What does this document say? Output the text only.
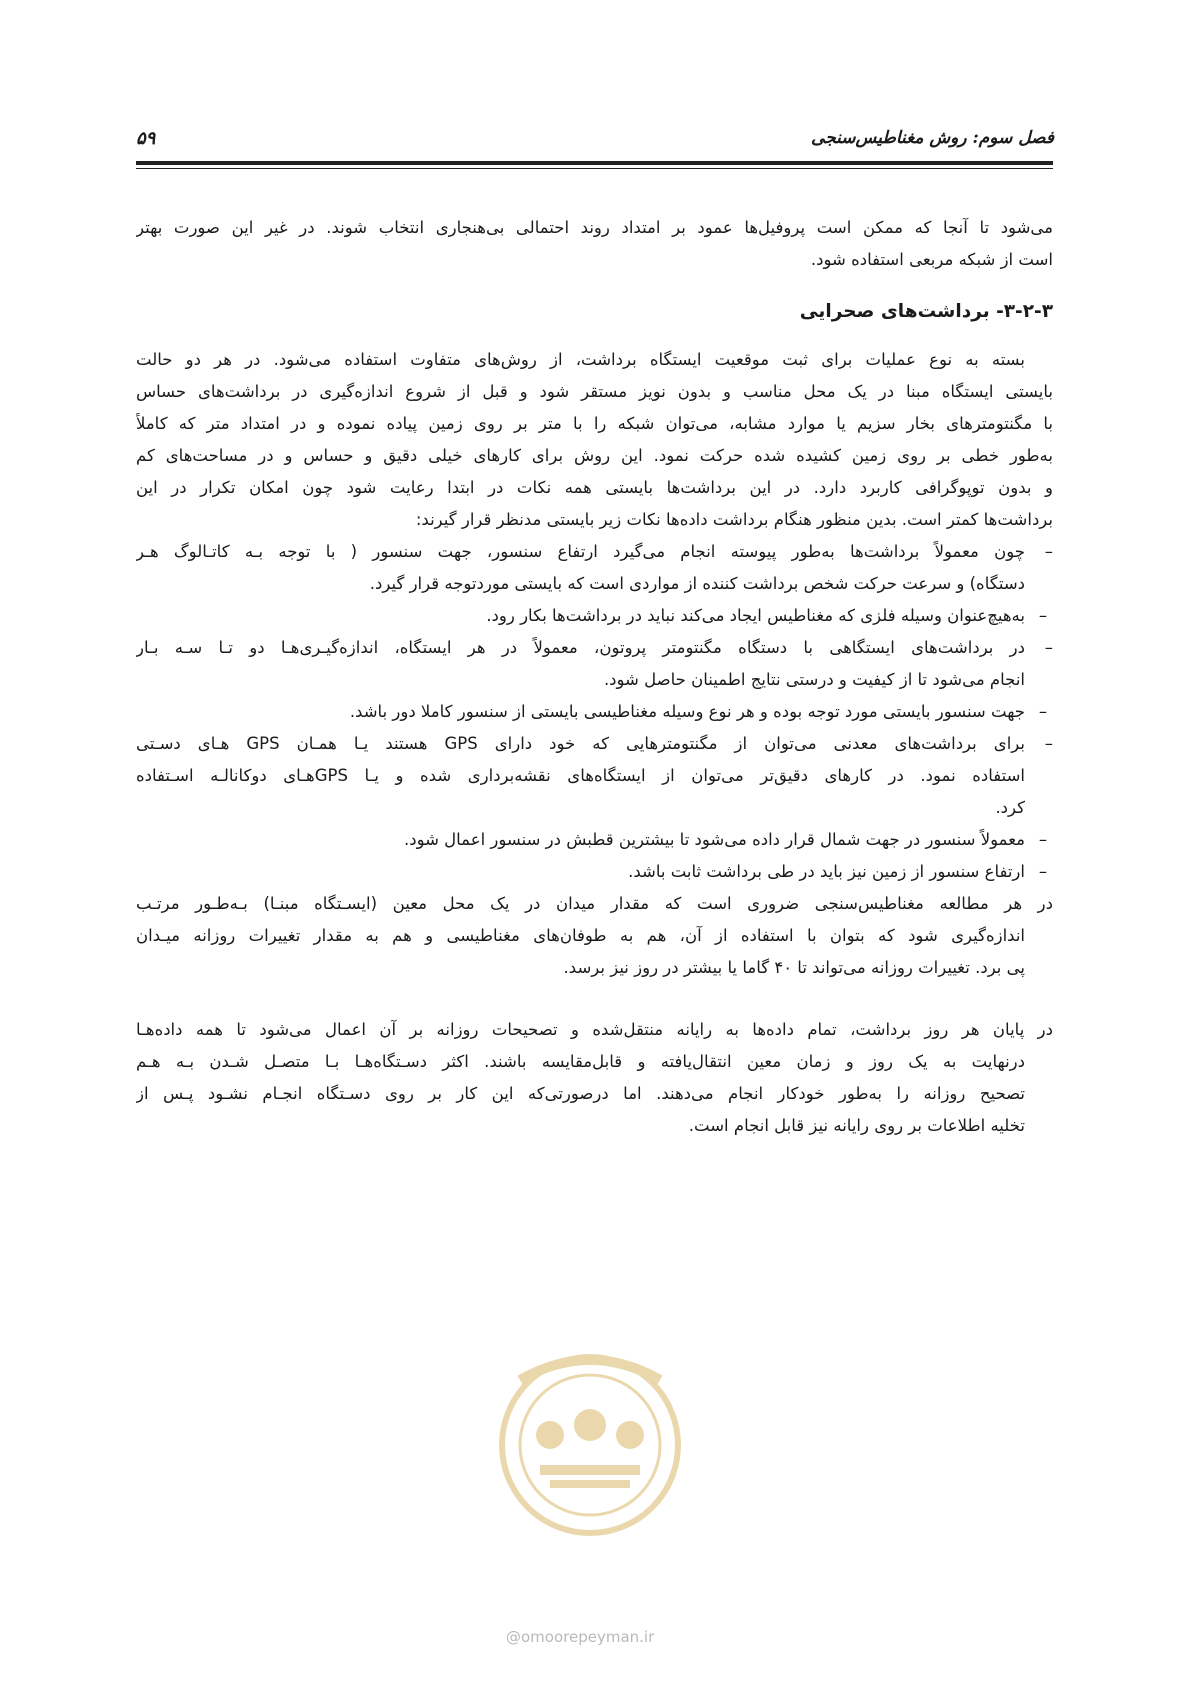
فصل سوم: روش مغناطیس‌سنجی
۵۹
می‌شود تا آنجا که ممکن است پروفیل‌ها عمود بر امتداد روند احتمالی بی‌هنجاری انتخاب شوند. در غیر این صورت بهتر
است از شبکه مربعی استفاده شود.
۳-۲-۳- برداشت‌های صحرایی
بسته به نوع عملیات برای ثبت موقعیت ایستگاه برداشت، از روش‌های متفاوت استفاده می‌شود. در هر دو حالت
بایستی ایستگاه مبنا در یک محل مناسب و بدون نویز مستقر شود و قبل از شروع اندازه‌گیری در برداشت‌های حساس
با مگنتومترهای بخار سزیم یا موارد مشابه، می‌توان شبکه را با متر بر روی زمین پیاده نموده و در امتداد متر که کاملاً
به‌طور خطی بر روی زمین کشیده شده حرکت نمود. این روش برای کارهای خیلی دقیق و حساس و در مساحت‌های کم
و بدون توپوگرافی کاربرد دارد. در این برداشت‌ها بایستی همه نکات در ابتدا رعایت شود چون امکان تکرار در این
برداشت‌ها کمتر است. بدین منظور هنگام برداشت داده‌ها نکات زیر بایستی مدنظر قرار گیرند:
–
چون معمولاً برداشت‌ها به‌طور پیوسته انجام می‌گیرد ارتفاع سنسور، جهت سنسور ( با توجه بـه کاتـالوگ هـر
دستگاه) و سرعت حرکت شخص برداشت کننده از مواردی است که بایستی موردتوجه قرار گیرد.
–
به‌هیچ‌عنوان وسیله فلزی که مغناطیس ایجاد می‌کند نباید در برداشت‌ها بکار رود.
–
در برداشت‌های ایستگاهی با دستگاه مگنتومتر پروتون، معمولاً در هر ایستگاه، اندازه‌گیـری‌هـا دو تـا سـه بـار
انجام می‌شود تا از کیفیت و درستی نتایج اطمینان حاصل شود.
–
جهت سنسور بایستی مورد توجه بوده و هر نوع وسیله مغناطیسی بایستی از سنسور کاملا دور باشد.
–
برای برداشت‌های معدنی می‌توان از مگنتومترهایی که خود دارای GPS هستند یـا همـان GPS هـای دسـتی
استفاده نمود. در کارهای دقیق‌تر می‌توان از ایستگاه‌های نقشه‌برداری شده و یـا GPSهـای دوکانالـه اسـتفاده
کرد.
–
معمولاً سنسور در جهت شمال قرار داده می‌شود تا بیشترین قطبش در سنسور اعمال شود.
–
ارتفاع سنسور از زمین نیز باید در طی برداشت ثابت باشد.
در هر مطالعه مغناطیس‌سنجی ضروری است که مقدار میدان در یک محل معین (ایسـتگاه مبنـا) بـه‌طـور مرتـب
اندازه‌گیری شود که بتوان با استفاده از آن، هم به طوفان‌های مغناطیسی و هم به مقدار تغییرات روزانه میـدان
پی برد. تغییرات روزانه می‌تواند تا ۴۰ گاما یا بیشتر در روز نیز برسد.
در پایان هر روز برداشت، تمام داده‌ها به رایانه منتقل‌شده و تصحیحات روزانه بر آن اعمال می‌شود تا همه داده‌هـا
درنهایت به یک روز و زمان معین انتقال‌یافته و قابل‌مقایسه باشند. اکثر دسـتگاه‌هـا بـا متصـل شـدن بـه هـم
تصحیح روزانه را به‌طور خودکار انجام می‌دهند. اما درصورتی‌که این کار بر روی دسـتگاه انجـام نشـود پـس از
تخلیه اطلاعات بر روی رایانه نیز قابل انجام است.
@omoorepeyman.ir
